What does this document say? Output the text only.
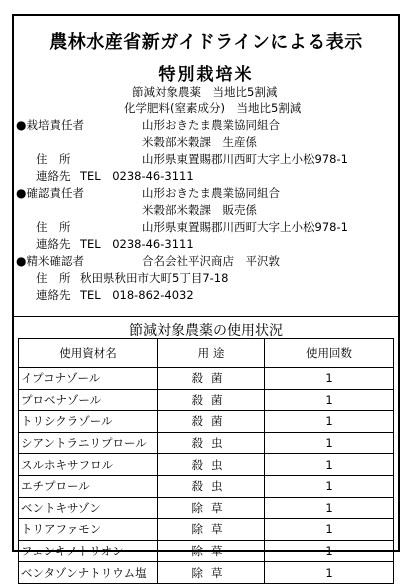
農林水産省新ガイドラインによる表示
特別栽培米
節減対象農薬　当地比5割減
化学肥料(窒素成分)　当地比5割減
●栽培責任者	山形おきたま農業協同組合
米穀部米穀課　生産係
住　所	山形県東置賜郡川西町大字上小松978-1
連絡先 TEL　0238-46-3111
●確認責任者	山形おきたま農業協同組合
米穀部米穀課　販売係
住　所	山形県東置賜郡川西町大字上小松978-1
連絡先 TEL　0238-46-3111
●精米確認者	合名会社平沢商店　平沢敦
住　所 秋田県秋田市大町5丁目7-18
連絡先 TEL　018-862-4032
節減対象農薬の使用状況
使用資材名	用 途	使用回数
イプコナゾール	殺菌	1
プロベナゾール	殺菌	1
トリシクラゾール	殺菌	1
シアントラニリプロール	殺虫	1
スルホキサフロル	殺虫	1
エチプロール	殺虫	1
ベントキサゾン	除草	1
トリアファモン	除草	1
フェンキノトリオン	除草	1
ベンタゾンナトリウム塩	除草	1
